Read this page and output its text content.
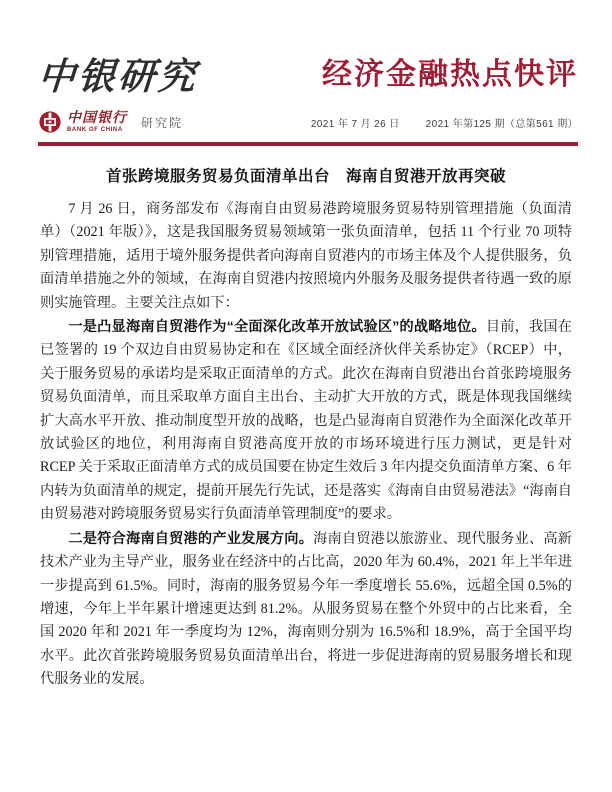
中银研究	经济金融热点快评
中国银行
BANK OF CHINA
研究院	2021 年 7 月 26 日	2021 年第125 期（总第561 期）
首张跨境服务贸易负面清单出台　海南自贸港开放再突破

7 月 26 日，商务部发布《海南自由贸易港跨境服务贸易特别管理措施（负面清单）（2021 年版）》，这是我国服务贸易领域第一张负面清单，包括 11 个行业 70 项特别管理措施，适用于境外服务提供者向海南自贸港内的市场主体及个人提供服务，负面清单措施之外的领域，在海南自贸港内按照境内外服务及服务提供者待遇一致的原则实施管理。主要关注点如下：

一是凸显海南自贸港作为“全面深化改革开放试验区”的战略地位。目前，我国在已签署的 19 个双边自由贸易协定和在《区域全面经济伙伴关系协定》（RCEP）中，关于服务贸易的承诺均是采取正面清单的方式。此次在海南自贸港出台首张跨境服务贸易负面清单，而且采取单方面自主出台、主动扩大开放的方式，既是体现我国继续扩大高水平开放、推动制度型开放的战略，也是凸显海南自贸港作为全面深化改革开放试验区的地位，利用海南自贸港高度开放的市场环境进行压力测试，更是针对 RCEP 关于采取正面清单方式的成员国要在协定生效后 3 年内提交负面清单方案、6 年内转为负面清单的规定，提前开展先行先试，还是落实《海南自由贸易港法》“海南自由贸易港对跨境服务贸易实行负面清单管理制度”的要求。

二是符合海南自贸港的产业发展方向。海南自贸港以旅游业、现代服务业、高新技术产业为主导产业，服务业在经济中的占比高，2020 年为 60.4%，2021 年上半年进一步提高到 61.5%。同时，海南的服务贸易今年一季度增长 55.6%，远超全国 0.5%的增速，今年上半年累计增速更达到 81.2%。从服务贸易在整个外贸中的占比来看，全国 2020 年和 2021 年一季度均为 12%，海南则分别为 16.5%和 18.9%，高于全国平均水平。此次首张跨境服务贸易负面清单出台，将进一步促进海南的贸易服务增长和现代服务业的发展。
